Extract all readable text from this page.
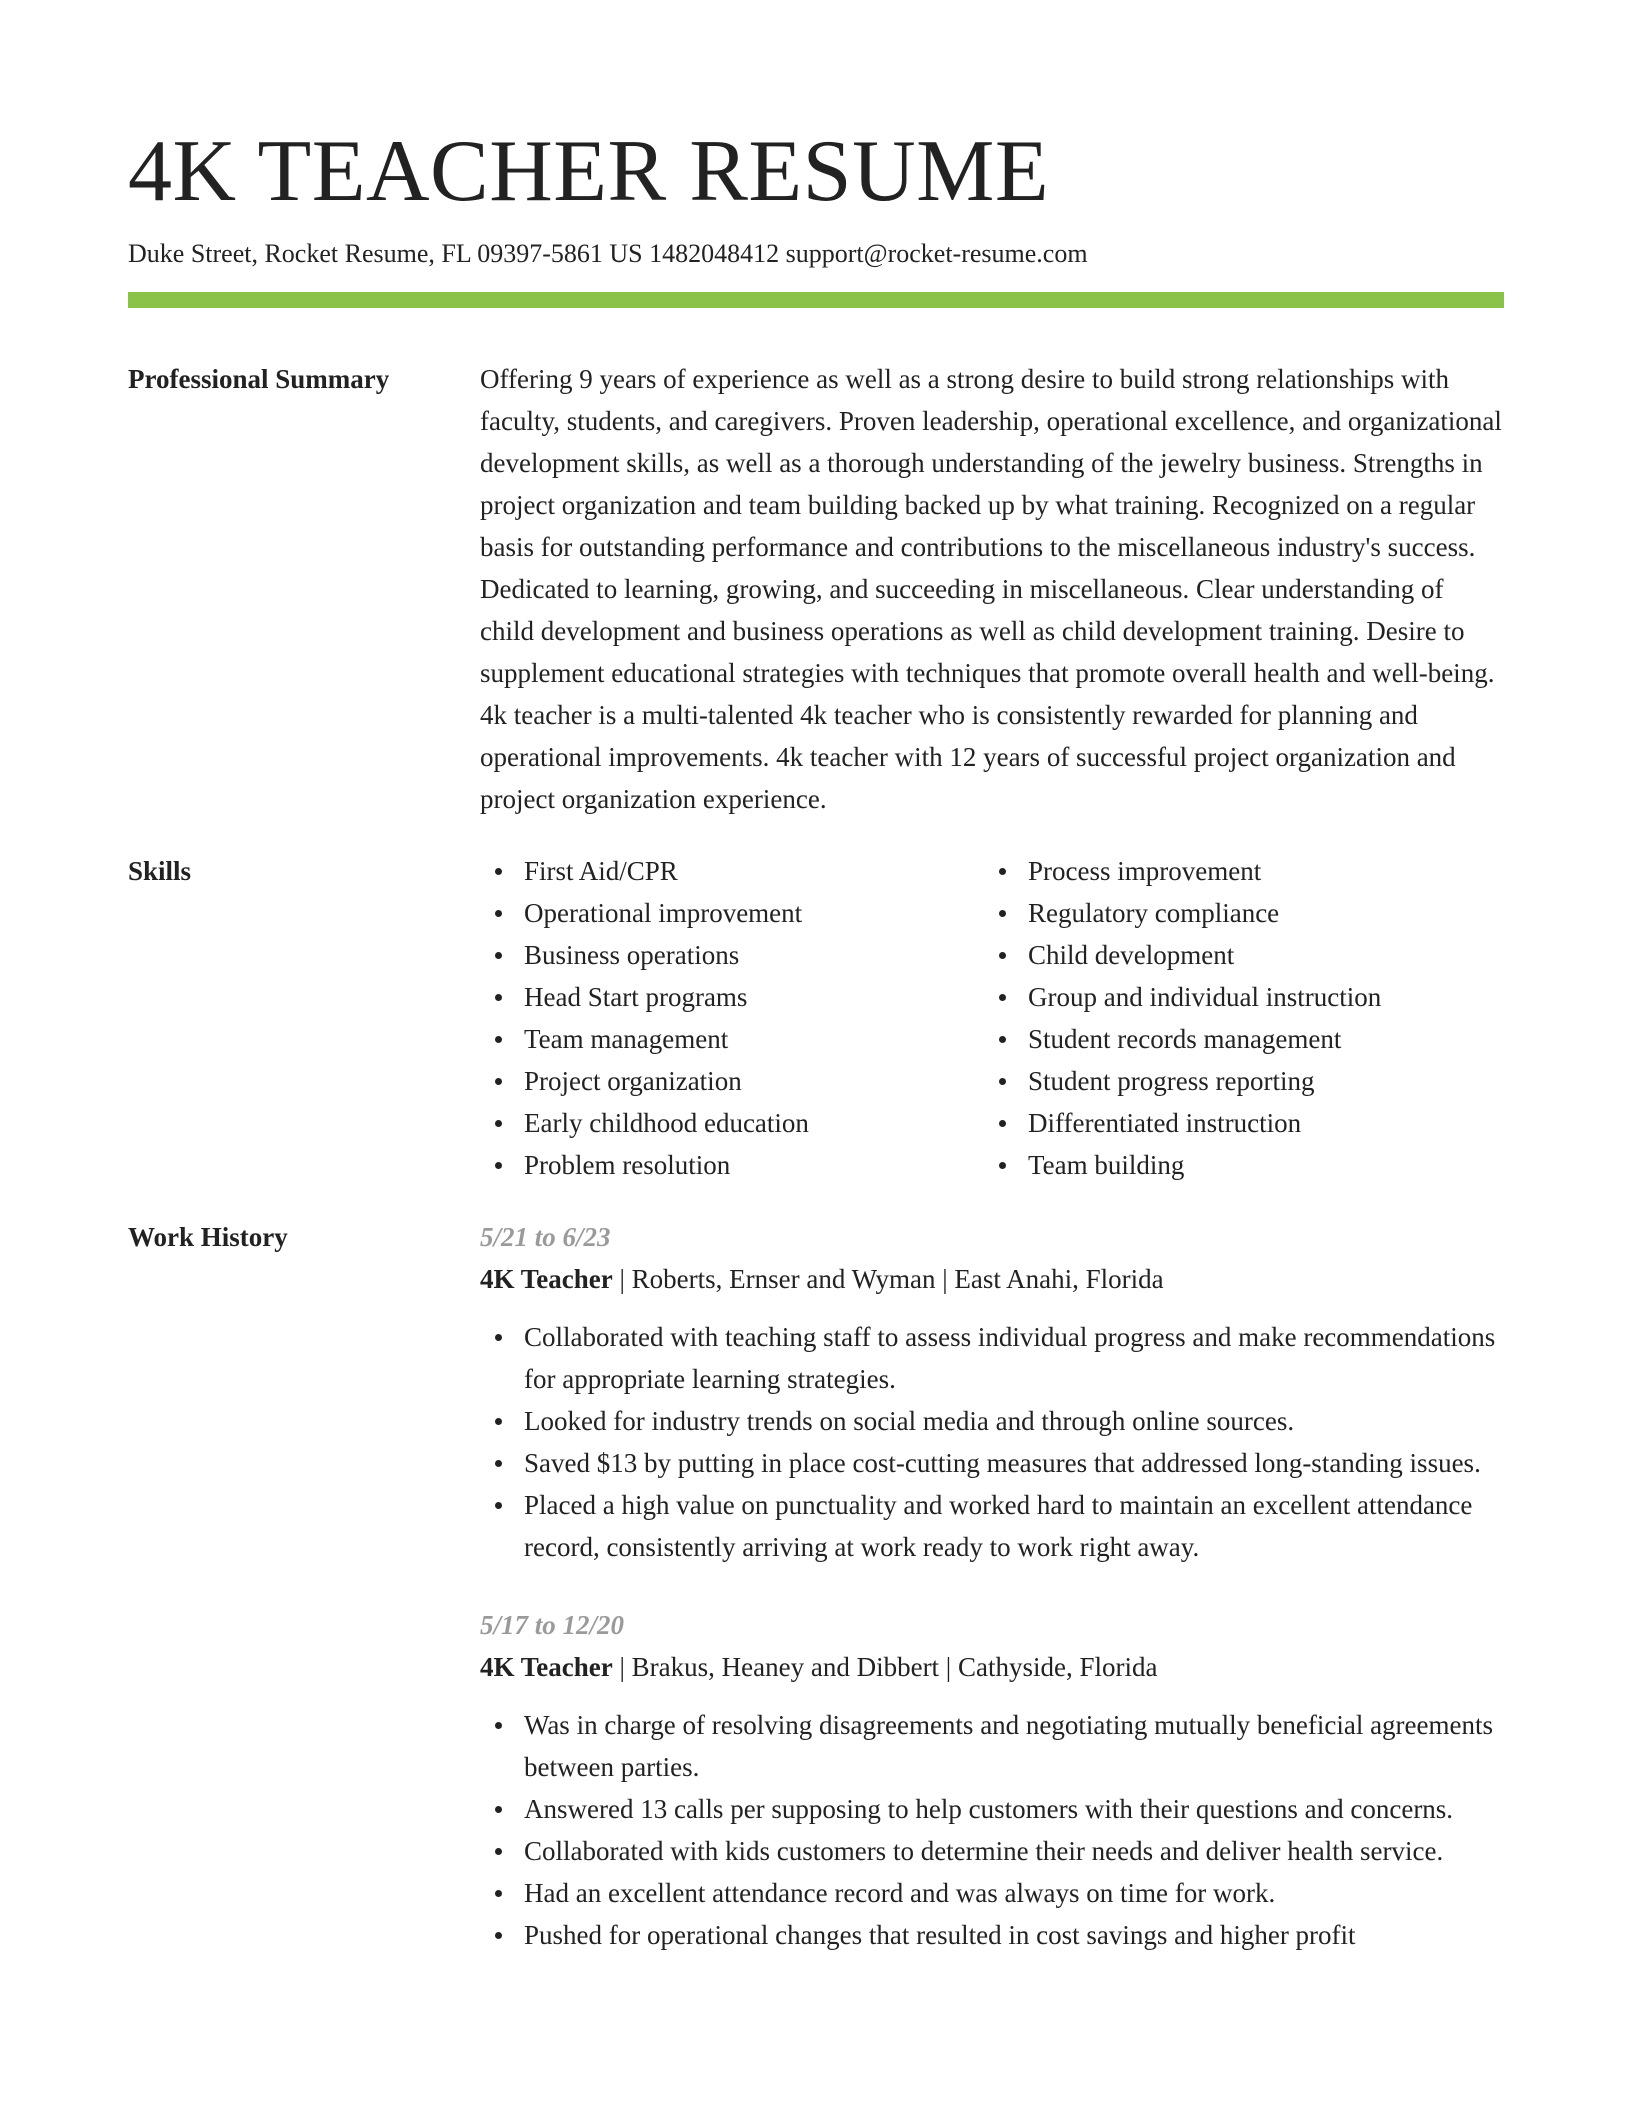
4K TEACHER RESUME
Duke Street, Rocket Resume, FL 09397-5861 US 1482048412 support@rocket-resume.com
Professional Summary	Offering 9 years of experience as well as a strong desire to build strong relationships with faculty, students, and caregivers. Proven leadership, operational excellence, and organizational development skills, as well as a thorough understanding of the jewelry business. Strengths in project organization and team building backed up by what training. Recognized on a regular basis for outstanding performance and contributions to the miscellaneous industry's success. Dedicated to learning, growing, and succeeding in miscellaneous. Clear understanding of child development and business operations as well as child development training. Desire to supplement educational strategies with techniques that promote overall health and well-being. 4k teacher is a multi-talented 4k teacher who is consistently rewarded for planning and operational improvements. 4k teacher with 12 years of successful project organization and project organization experience.
Skills	First Aid/CPR
Operational improvement
Business operations
Head Start programs
Team management
Project organization
Early childhood education
Problem resolution
Process improvement
Regulatory compliance
Child development
Group and individual instruction
Student records management
Student progress reporting
Differentiated instruction
Team building
Work History	5/21 to 6/23
4K Teacher | Roberts, Ernser and Wyman | East Anahi, Florida
Collaborated with teaching staff to assess individual progress and make recommendations for appropriate learning strategies.
Looked for industry trends on social media and through online sources.
Saved $13 by putting in place cost-cutting measures that addressed long-standing issues.
Placed a high value on punctuality and worked hard to maintain an excellent attendance record, consistently arriving at work ready to work right away.
5/17 to 12/20
4K Teacher | Brakus, Heaney and Dibbert | Cathyside, Florida
Was in charge of resolving disagreements and negotiating mutually beneficial agreements between parties.
Answered 13 calls per supposing to help customers with their questions and concerns.
Collaborated with kids customers to determine their needs and deliver health service.
Had an excellent attendance record and was always on time for work.
Pushed for operational changes that resulted in cost savings and higher profit
